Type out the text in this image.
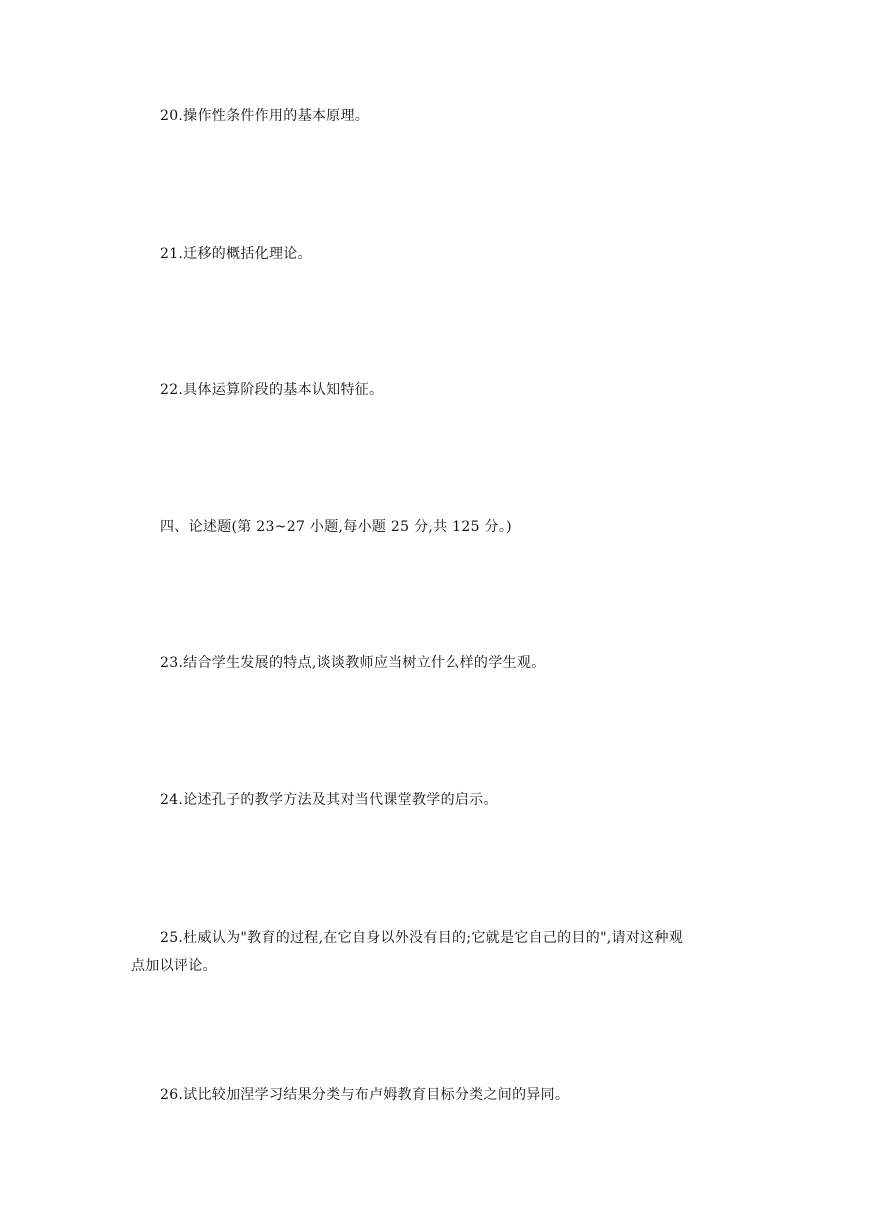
20.操作性条件作用的基本原理。
21.迁移的概括化理论。
22.具体运算阶段的基本认知特征。
四、论述题(第 23~27 小题,每小题 25 分,共 125 分。)
23.结合学生发展的特点,谈谈教师应当树立什么样的学生观。
24.论述孔子的教学方法及其对当代课堂教学的启示。
25.杜威认为"教育的过程,在它自身以外没有目的;它就是它自己的目的",请对这种观
点加以评论。
26.试比较加涅学习结果分类与布卢姆教育目标分类之间的异同。
